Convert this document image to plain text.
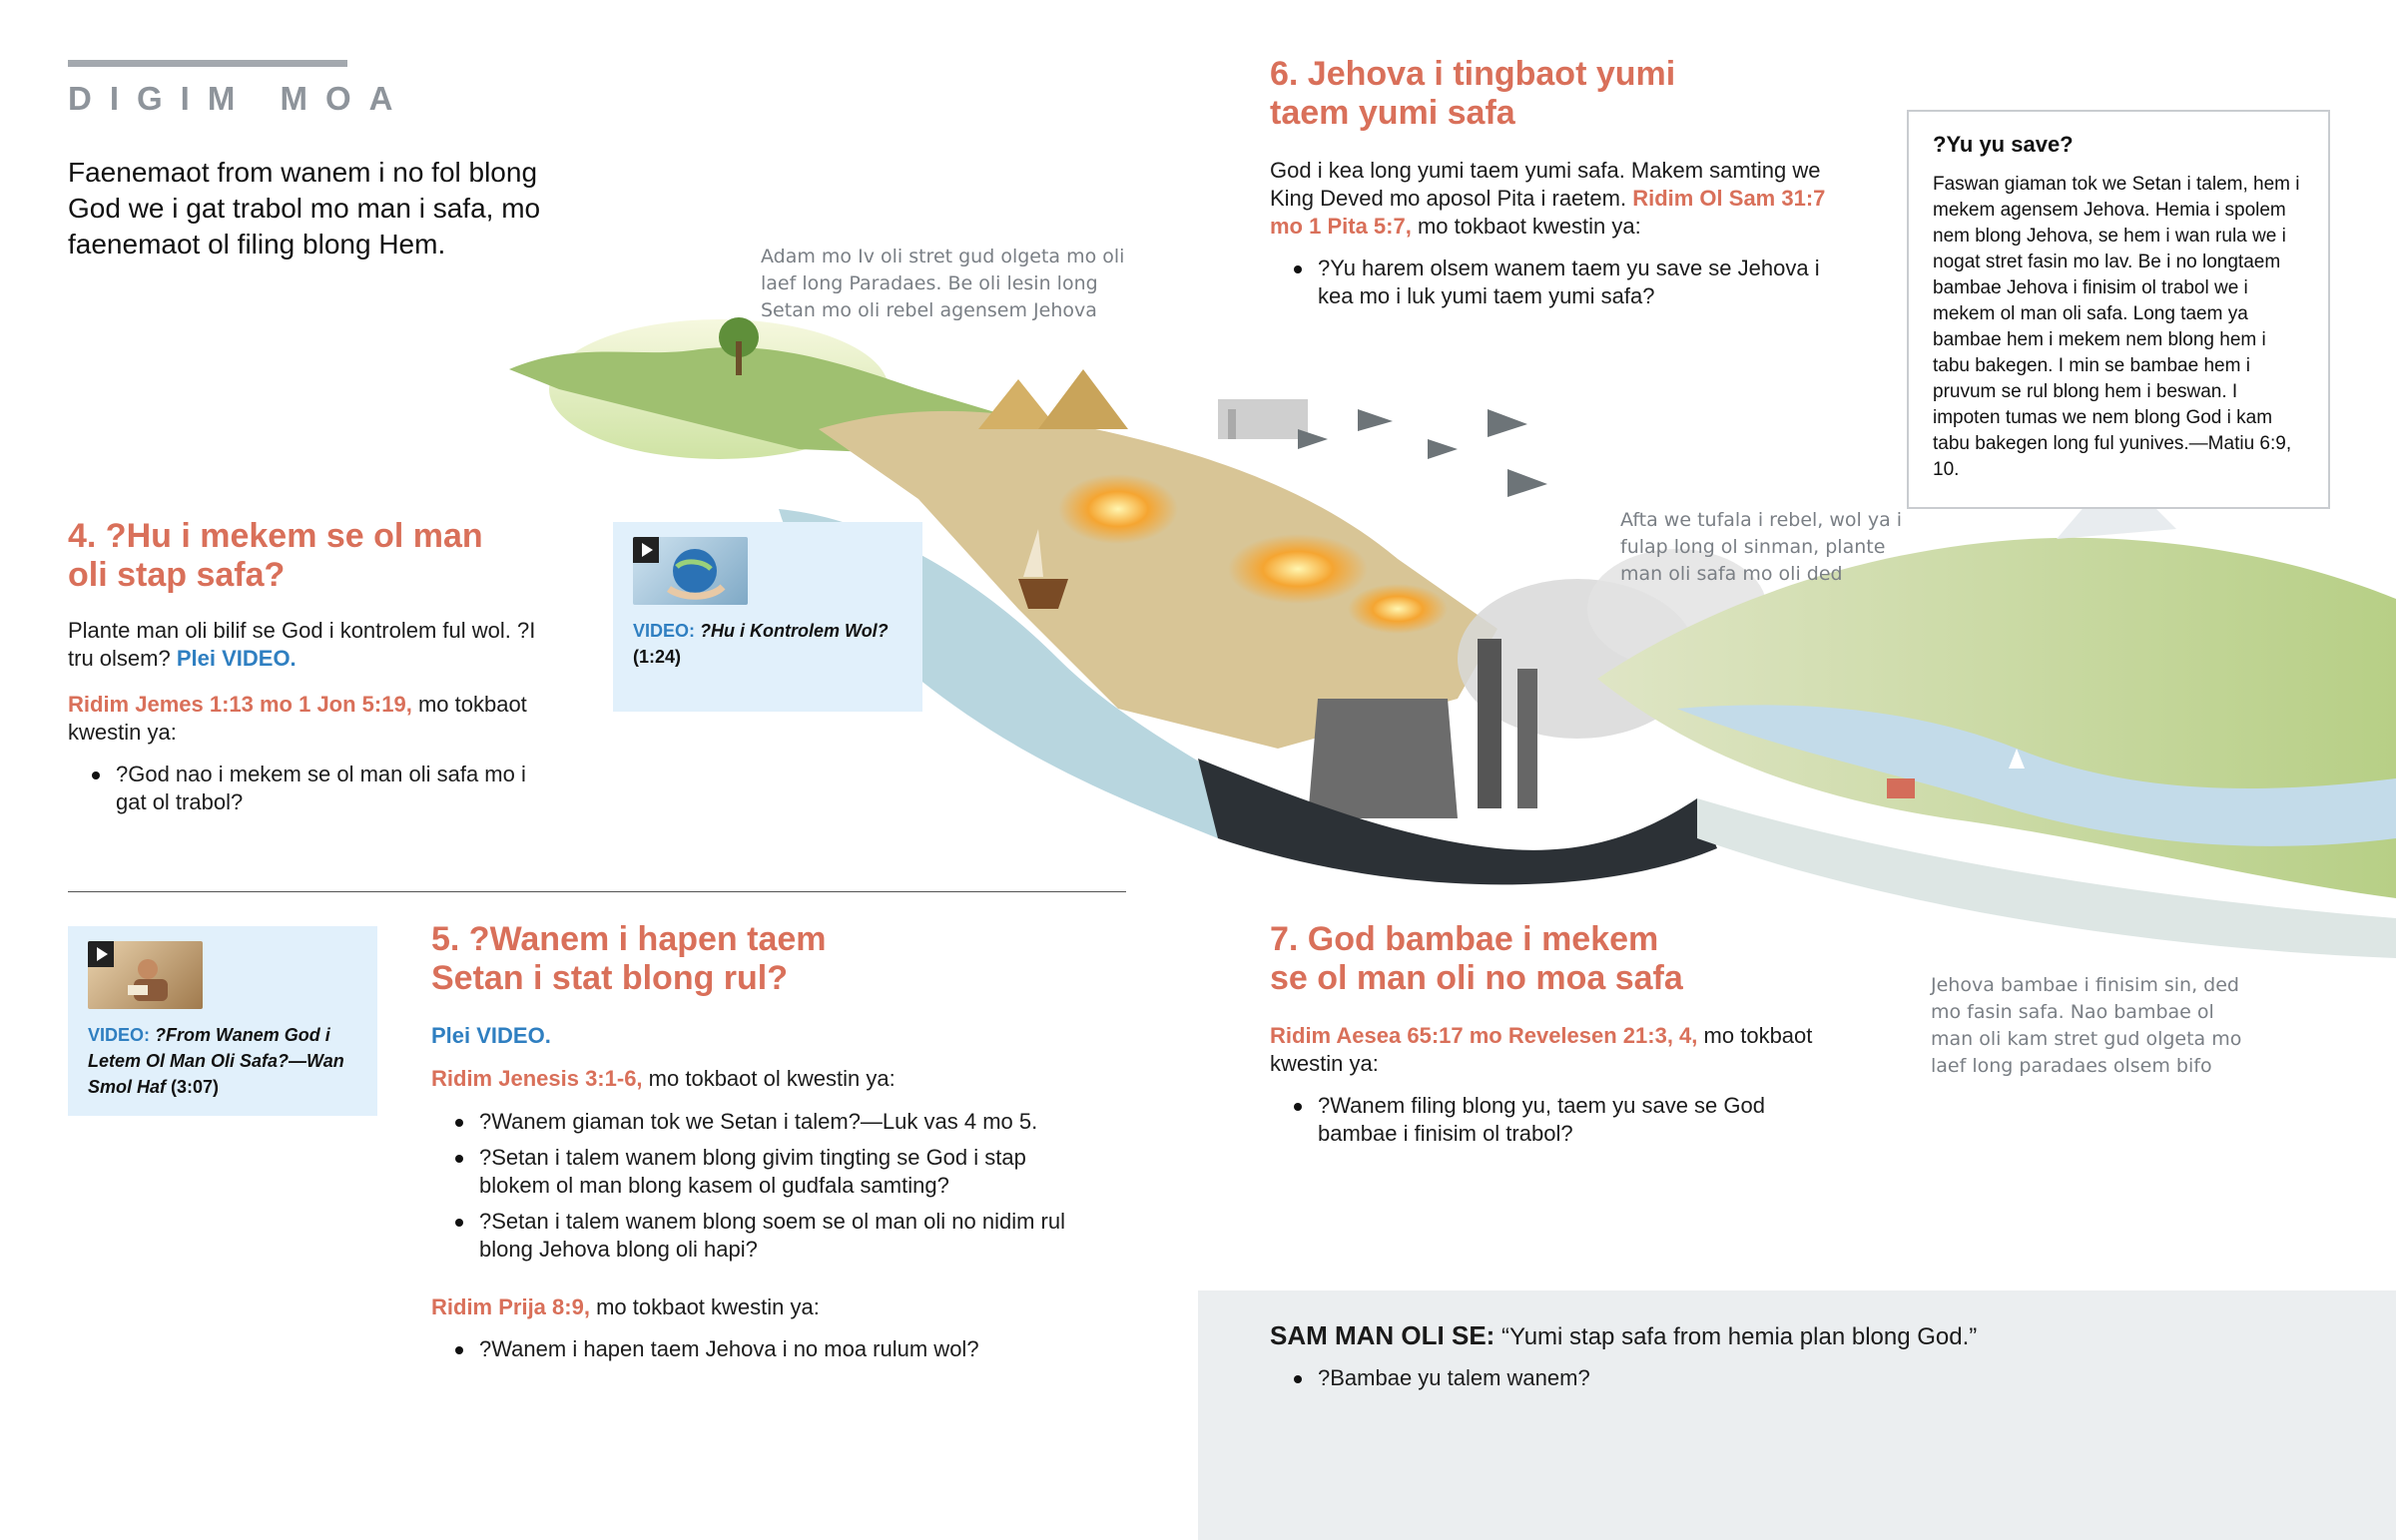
DIGIM MOA
Faenemaot from wanem i no fol blong God we i gat trabol mo man i safa, mo faenemaot ol filing blong Hem.	Adam mo Iv oli stret gud olgeta mo oli laef long Paradaes. Be oli lesin long Setan mo oli rebel agensem Jehova
Afta we tufala i rebel, wol ya i fulap long ol sinman, plante man oli safa mo oli ded
Jehova bambae i finisim sin, ded mo fasin safa. Nao bambae ol man oli kam stret gud olgeta mo laef long paradaes olsem bifo
4. ?Hu i mekem se ol man
oli stap safa?

Plante man oli bilif se God i kontrolem ful wol. ?I tru olsem? Plei VIDEO.

Ridim Jemes 1:13 mo 1 Jon 5:19, mo tokbaot kwestin ya:

?God nao i mekem se ol man oli safa mo i gat ol trabol?
VIDEO: ?Hu i Kontrolem Wol?
(1:24)
VIDEO: ?From Wanem God i Letem Ol Man Oli Safa?—Wan Smol Haf (3:07)
5. ?Wanem i hapen taem
Setan i stat blong rul?

Plei VIDEO.

Ridim Jenesis 3:1-6, mo tokbaot ol kwestin ya:

?Wanem giaman tok we Setan i talem?—Luk vas 4 mo 5.
?Setan i talem wanem blong givim tingting se God i stap blokem ol man blong kasem ol gudfala samting?
?Setan i talem wanem blong soem se ol man oli no nidim rul blong Jehova blong oli hapi?

Ridim Prija 8:9, mo tokbaot kwestin ya:

?Wanem i hapen taem Jehova i no moa rulum wol?
6. Jehova i tingbaot yumi
taem yumi safa

God i kea long yumi taem yumi safa. Makem samting we King Deved mo aposol Pita i raetem. Ridim Ol Sam 31:7 mo 1 Pita 5:7, mo tokbaot kwestin ya:

?Yu harem olsem wanem taem yu save se Jehova i kea mo i luk yumi taem yumi safa?
?Yu yu save?

Faswan giaman tok we Setan i talem, hem i mekem agensem Jehova. Hemia i spolem nem blong Jehova, se hem i wan rula we i nogat stret fasin mo lav. Be i no longtaem bambae Jehova i finisim ol trabol we i mekem ol man oli safa. Long taem ya bambae hem i mekem nem blong hem i tabu bakegen. I min se bambae hem i pruvum se rul blong hem i beswan. I impoten tumas we nem blong God i kam tabu bakegen long ful yunives.—Matiu 6:9, 10.

7. God bambae i mekem
se ol man oli no moa safa

Ridim Aesea 65:17 mo Revelesen 21:3, 4, mo tokbaot kwestin ya:

?Wanem filing blong yu, taem yu save se God bambae i finisim ol trabol?

SAM MAN OLI SE: “Yumi stap safa from hemia plan blong God.”

?Bambae yu talem wanem?
